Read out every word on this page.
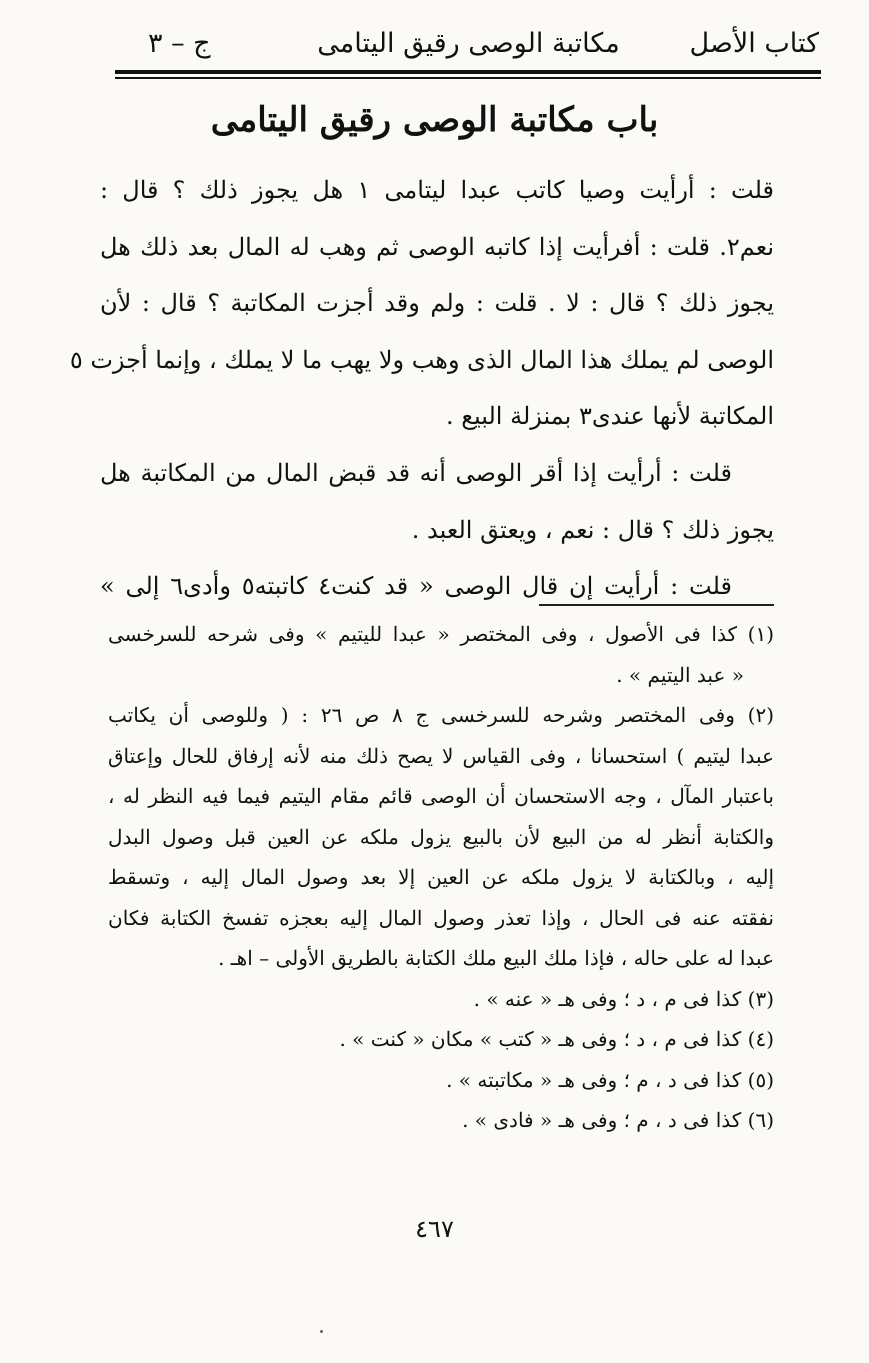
كتاب الأصل
مكاتبة الوصى رقيق اليتامى
ج – ٣
باب مكاتبة الوصى رقيق اليتامى
قلت : أرأيت وصيا كاتب عبدا ليتامى ١ هل يجوز ذلك ؟ قال :
نعم٢. قلت : أفرأيت إذا كاتبه الوصى ثم وهب له المال بعد ذلك هل
يجوز ذلك ؟ قال : لا . قلت : ولم وقد أجزت المكاتبة ؟ قال : لأن
الوصى لم يملك هذا المال الذى وهب ولا يهب ما لا يملك ، وإنما أجزت ٥
المكاتبة لأنها عندى٣ بمنزلة البيع .
قلت : أرأيت إذا أقر الوصى أنه قد قبض المال من المكاتبة هل
يجوز ذلك ؟ قال : نعم ، ويعتق العبد .
قلت : أرأيت إن قال الوصى « قد كنت٤ كاتبته٥ وأدى٦ إلى »
(١) كذا فى الأصول ، وفى المختصر « عبدا لليتيم » وفى شرحه للسرخسى
« عبد اليتيم » .
(٢) وفى المختصر وشرحه للسرخسى ج ٨ ص ٢٦ : ( وللوصى أن يكاتب
عبدا ليتيم ) استحسانا ، وفى القياس لا يصح ذلك منه لأنه إرفاق للحال وإعتاق
باعتبار المآل ، وجه الاستحسان أن الوصى قائم مقام اليتيم فيما فيه النظر له ،
والكتابة أنظر له من البيع لأن بالبيع يزول ملكه عن العين قبل وصول البدل
إليه ، وبالكتابة لا يزول ملكه عن العين إلا بعد وصول المال إليه ، وتسقط
نفقته عنه فى الحال ، وإذا تعذر وصول المال إليه بعجزه تفسخ الكتابة فكان
عبدا له على حاله ، فإذا ملك البيع ملك الكتابة بالطريق الأولى – اهـ .
(٣) كذا فى م ، د ؛ وفى هـ « عنه » .
(٤) كذا فى م ، د ؛ وفى هـ « كتب » مكان « كنت » .
(٥) كذا فى د ، م ؛ وفى هـ « مكاتبته » .
(٦) كذا فى د ، م ؛ وفى هـ « فادى » .
٤٦٧
